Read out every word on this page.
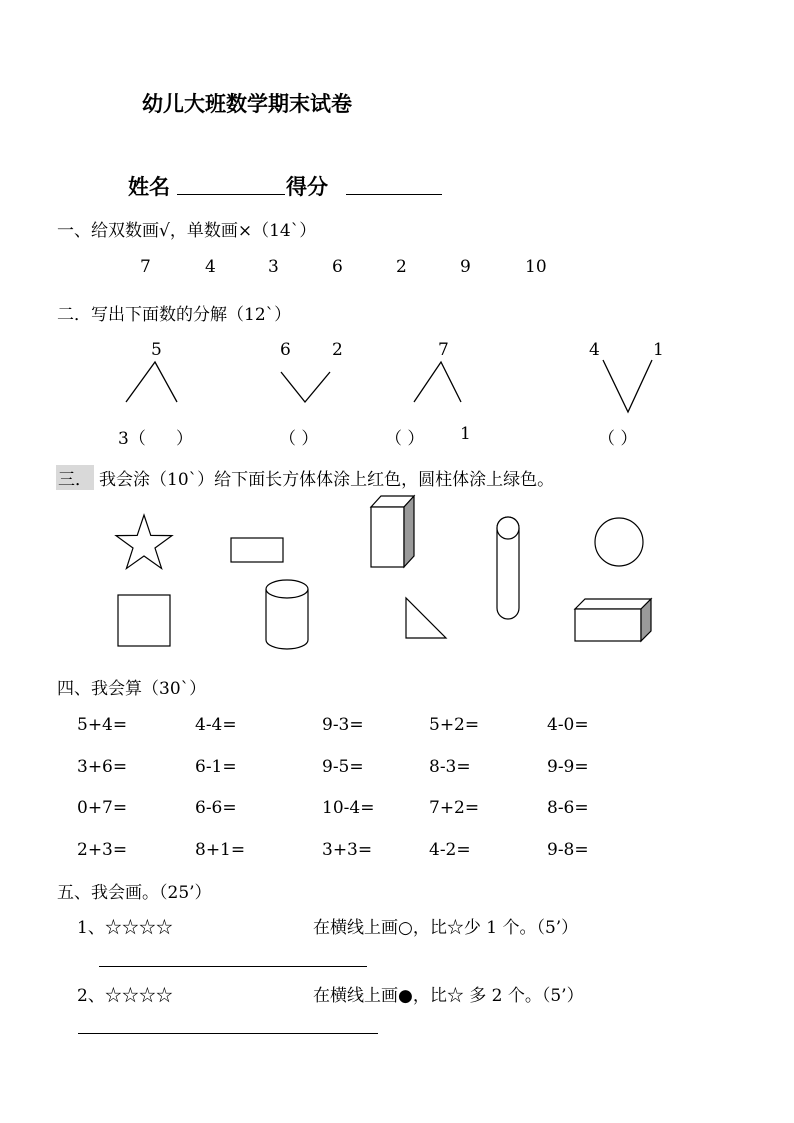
幼儿大班数学期末试卷
姓名	得分
一、给双数画√，单数画×（14`）
7	4	3	6	2	9	10
二．写出下面数的分解（12`）
5
3（ ）
6 2
（ ）
7
（ ） 1
4	1
（ ）
三． 我会涂（10`）给下面长方体体涂上红色，圆柱体涂上绿色。
四、我会算（30`）
5+4=	4-4=	9-3=	5+2=	4-0=
3+6=	6-1=	9-5=	8-3=	9-9=
0+7=	6-6=	10-4=	7+2=	8-6=
2+3=	8+1=	3+3=	4-2=	9-8=
五、我会画。（25’）
1、☆☆☆☆	在横线上画○，比☆少 1 个。（5’）
2、☆☆☆☆	在横线上画●，比☆ 多 2 个。（5’）
